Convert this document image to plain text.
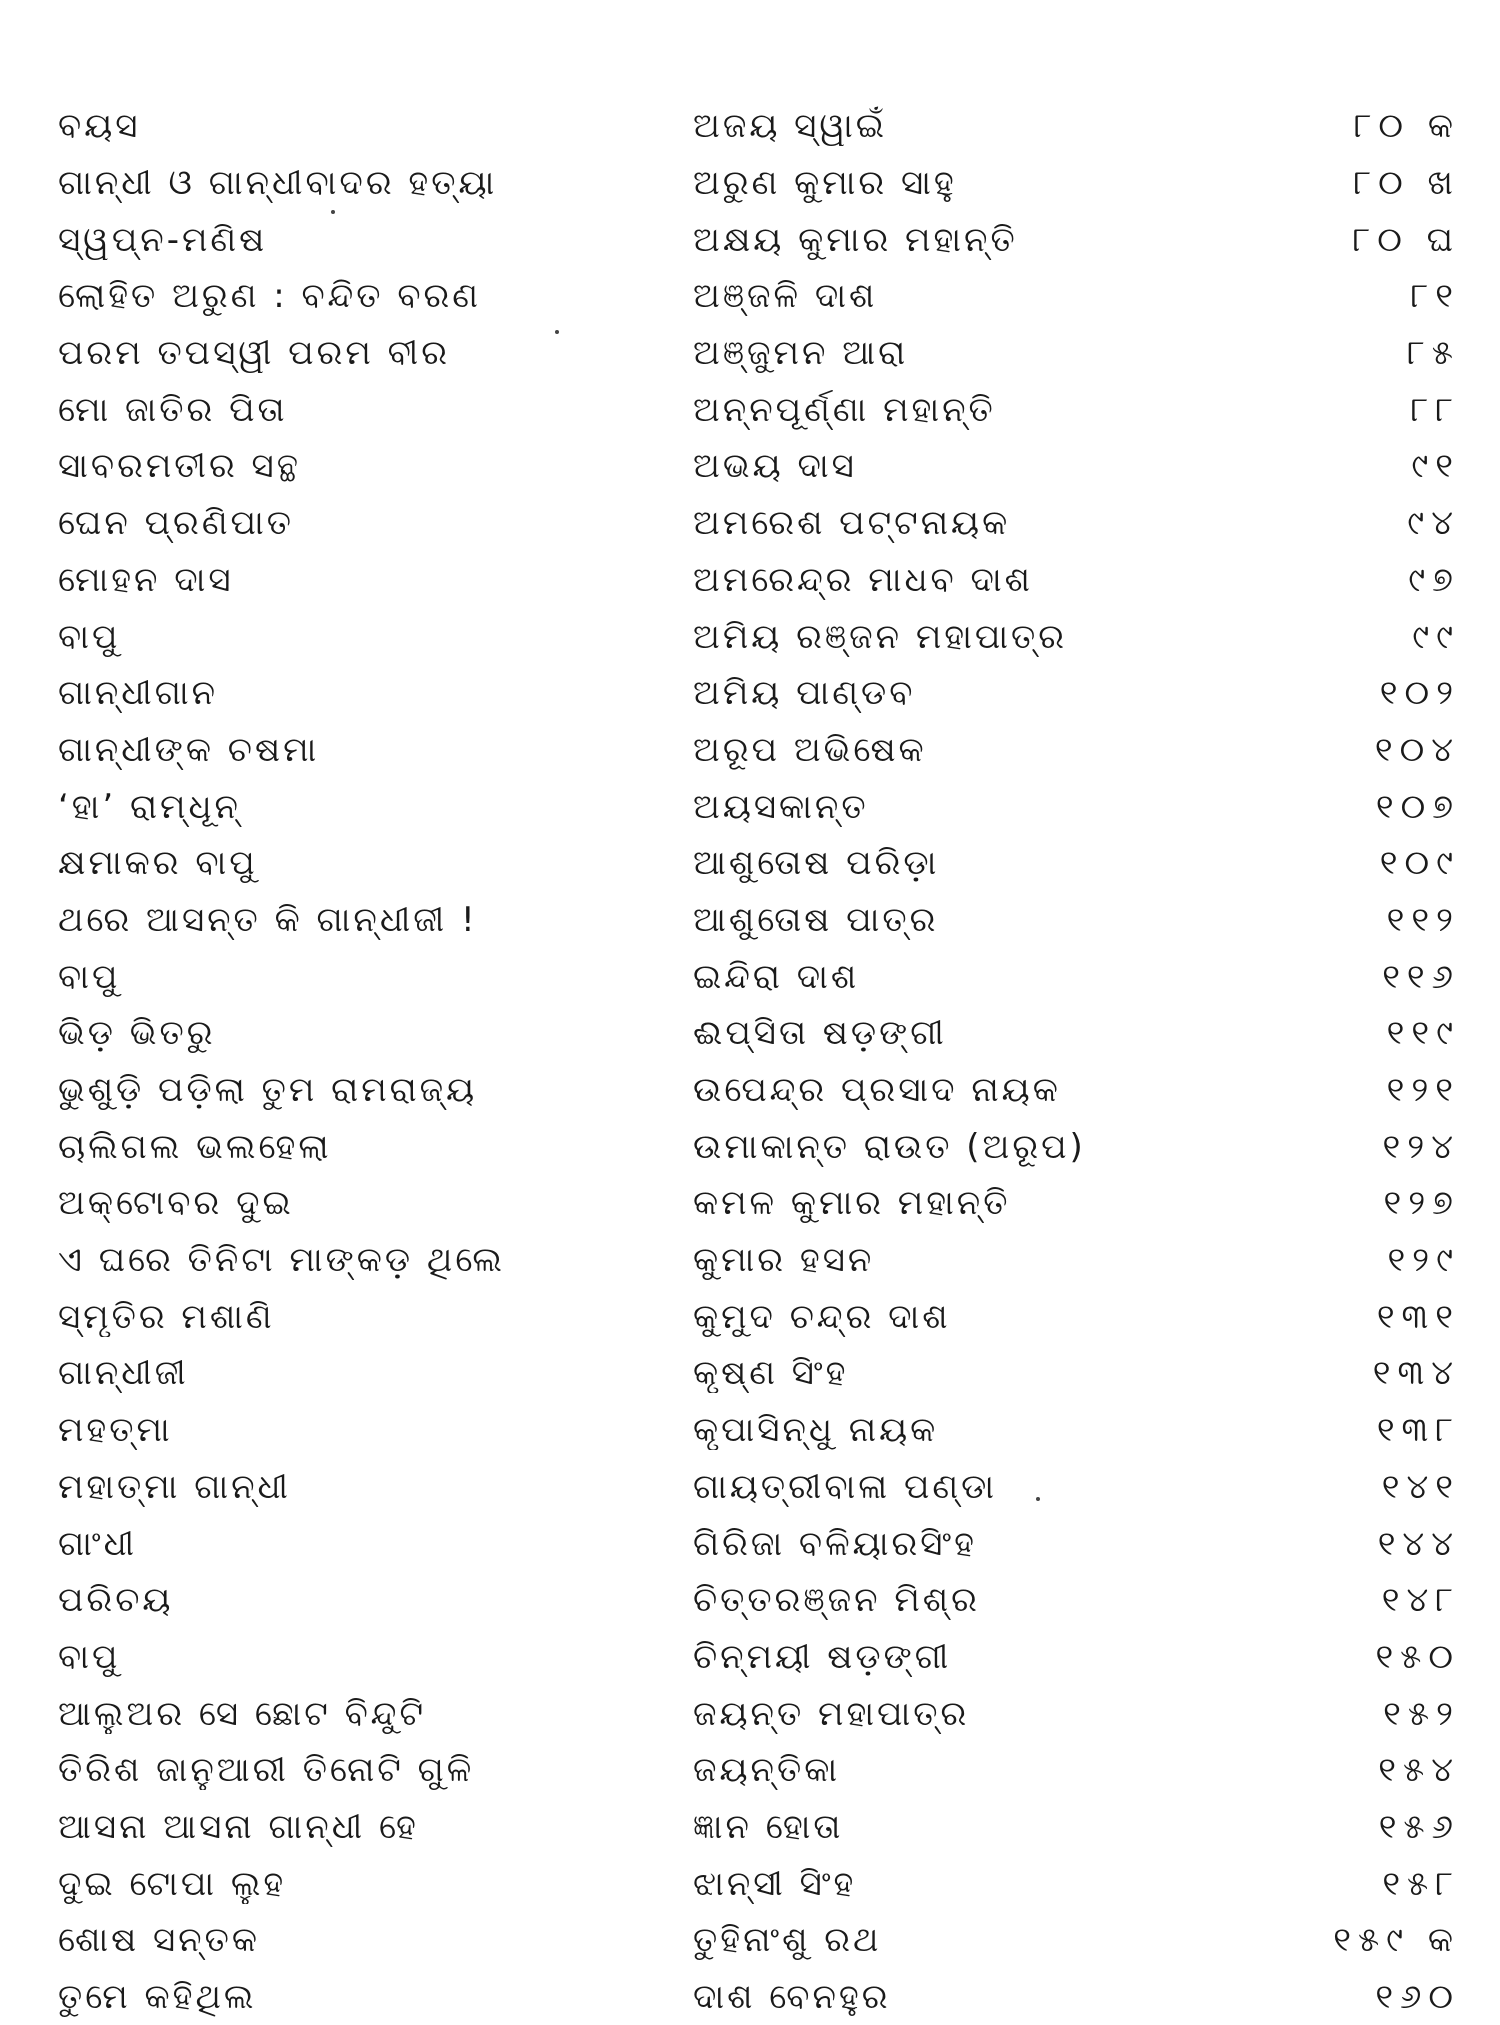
ବୟସ	ଅଜୟ ସ୍ୱାଇଁ	୮୦ କ
ଗାନ୍ଧୀ ଓ ଗାନ୍ଧୀବାଦର ହତ୍ୟା	ଅରୁଣ କୁମାର ସାହୁ	୮୦ ଖ
ସ୍ୱପ୍ନ-ମଣିଷ	ଅକ୍ଷୟ କୁମାର ମହାନ୍ତି	୮୦ ଘ
ଲୋହିତ ଅରୁଣ : ବନ୍ଦିତ ବରଣ	ଅଞ୍ଜଳି ଦାଶ	୮୧
ପରମ ତପସ୍ୱୀ ପରମ ବୀର	ଅଞ୍ଜୁମନ ଆରା	୮୫
ମୋ ଜାତିର ପିତା	ଅନ୍ନପୂର୍ଣ୍ଣା ମହାନ୍ତି	୮୮
ସାବରମତୀର ସନ୍ଥ	ଅଭୟ ଦାସ	୯୧
ଘେନ ପ୍ରଣିପାତ	ଅମରେଶ ପଟ୍ଟନାୟକ	୯୪
ମୋହନ ଦାସ	ଅମରେନ୍ଦ୍ର ମାଧବ ଦାଶ	୯୭
ବାପୁ	ଅମିୟ ରଞ୍ଜନ ମହାପାତ୍ର	୯୯
ଗାନ୍ଧୀଗାନ	ଅମିୟ ପାଣ୍ଡବ	୧୦୨
ଗାନ୍ଧୀଙ୍କ ଚଷମା	ଅରୂପ ଅଭିଷେକ	୧୦୪
‘ହା’ ରାମ୍‌ଧୂନ୍‌	ଅୟସକାନ୍ତ	୧୦୭
କ୍ଷମାକର ବାପୁ	ଆଶୁତୋଷ ପରିଡ଼ା	୧୦୯
ଥରେ ଆସନ୍ତ କି ଗାନ୍ଧୀଜୀ !	ଆଶୁତୋଷ ପାତ୍ର	୧୧୨
ବାପୁ	ଇନ୍ଦିରା ଦାଶ	୧୧୬
ଭିଡ଼ ଭିତରୁ	ଈପ୍‌ସିତା ଷଡ଼ଙ୍ଗୀ	୧୧୯
ଭୁଶୁଡ଼ି ପଡ଼ିଲା ତୁମ ରାମରାଜ୍ୟ	ଉପେନ୍ଦ୍ର ପ୍ରସାଦ ନାୟକ	୧୨୧
ଚାଲିଗଲ ଭଲହେଲା	ଉମାକାନ୍ତ ରାଉତ (ଅରୂପ)	୧୨୪
ଅକ୍ଟୋବର ଦୁଇ	କମଳ କୁମାର ମହାନ୍ତି	୧୨୭
ଏ ଘରେ ତିନିଟା ମାଙ୍କଡ଼ ଥିଲେ	କୁମାର ହସନ	୧୨୯
ସ୍ମୃତିର ମଶାଣି	କୁମୁଦ ଚନ୍ଦ୍ର ଦାଶ	୧୩୧
ଗାନ୍ଧୀଜୀ	କୃଷ୍ଣ ସିଂହ	୧୩୪
ମହତ୍ମା	କୃପାସିନ୍ଧୁ ନାୟକ	୧୩୮
ମହାତ୍ମା ଗାନ୍ଧୀ	ଗାୟତ୍ରୀବାଳା ପଣ୍ଡା	୧୪୧
ଗାଂଧୀ	ଗିରିଜା ବଳିୟାରସିଂହ	୧୪୪
ପରିଚୟ	ଚିତ୍ତରଞ୍ଜନ ମିଶ୍ର	୧୪୮
ବାପୁ	ଚିନ୍ମୟୀ ଷଡ଼ଙ୍ଗୀ	୧୫୦
ଆଲୁଅର ସେ ଛୋଟ ବିନ୍ଦୁଟି	ଜୟନ୍ତ ମହାପାତ୍ର	୧୫୨
ତିରିଶ ଜାନୁଆରୀ ତିନୋଟି ଗୁଳି	ଜୟନ୍ତିକା	୧୫୪
ଆସନା ଆସନା ଗାନ୍ଧୀ ହେ	ଜ୍ଞାନ ହୋତା	୧୫୬
ଦୁଇ ଟୋପା ଲୁହ	ଝାନ୍‌ସୀ ସିଂହ	୧୫୮
ଶୋଷ ସନ୍ତକ	ତୁହିନାଂଶୁ ରଥ	୧୫୯ କ
ତୁମେ କହିଥିଲ	ଦାଶ ବେନହୁର	୧୬୦
